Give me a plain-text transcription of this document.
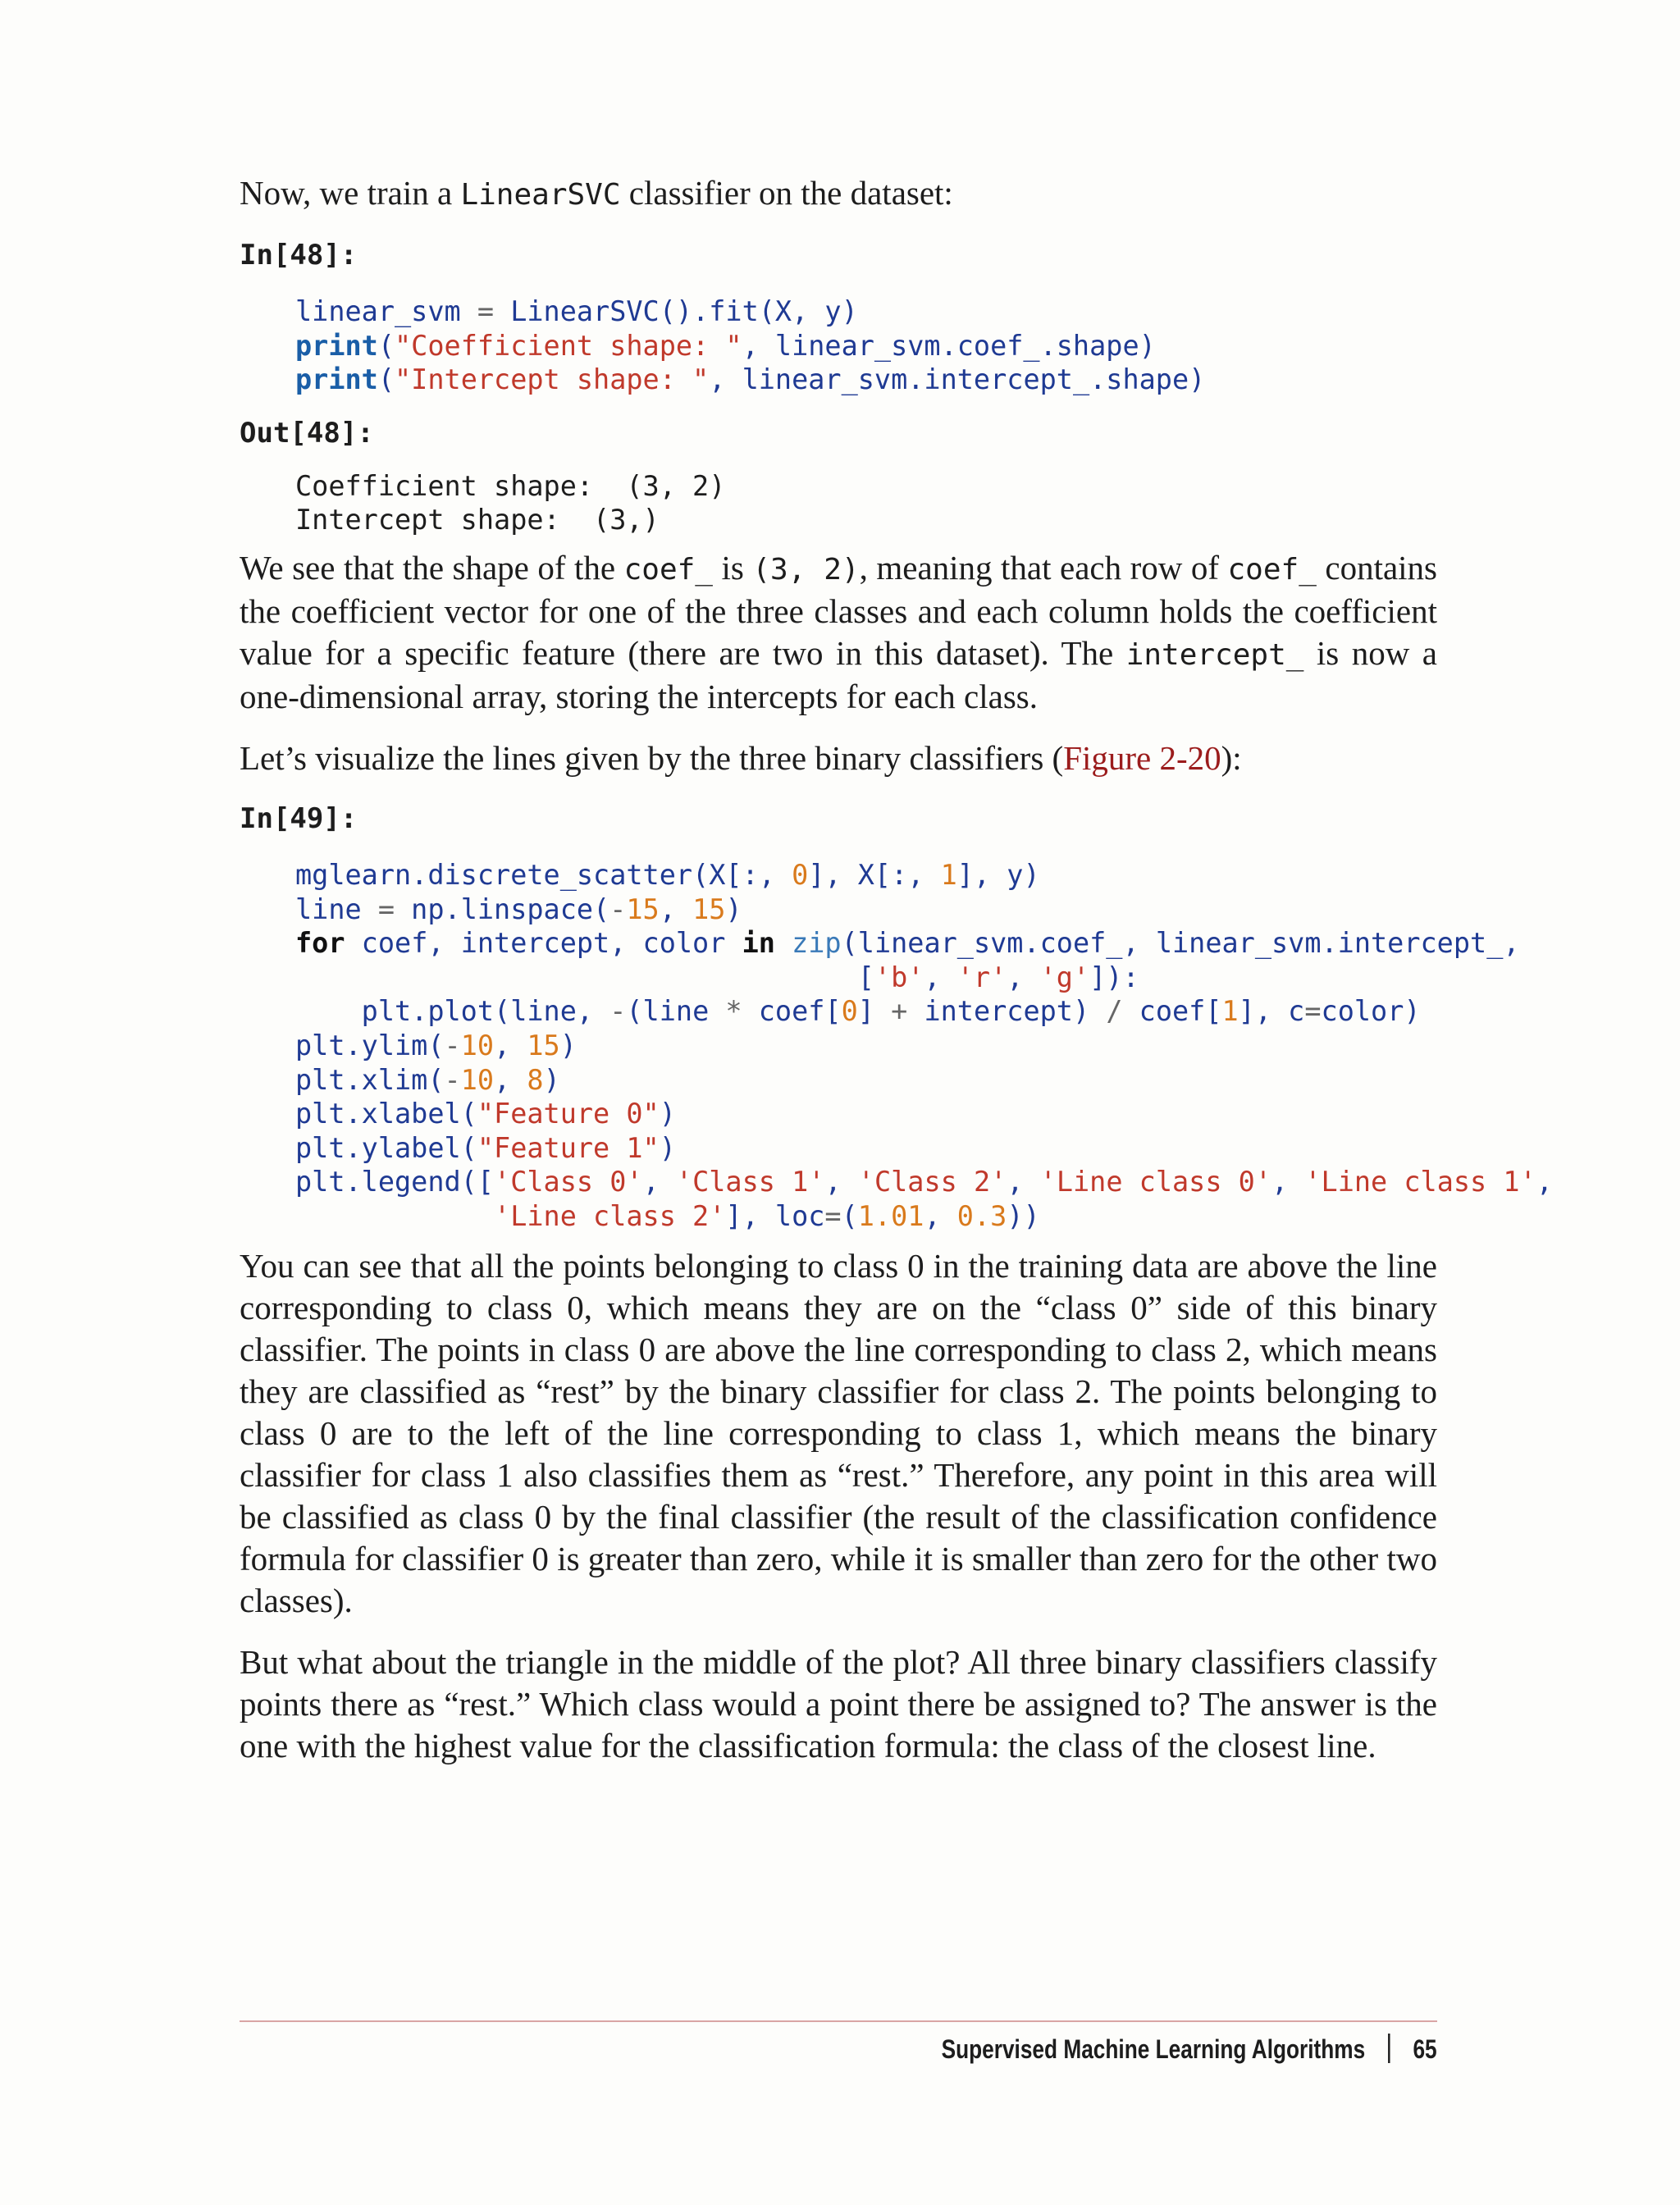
Now, we train a LinearSVC classifier on the dataset:

In[48]:

linear_svm = LinearSVC().fit(X, y)
print("Coefficient shape: ", linear_svm.coef_.shape)
print("Intercept shape: ", linear_svm.intercept_.shape)

Out[48]:

Coefficient shape:  (3, 2)
Intercept shape:  (3,)

We see that the shape of the coef_ is (3, 2), meaning that each row of coef_ contains the coefficient vector for one of the three classes and each column holds the coefficient value for a specific feature (there are two in this dataset). The intercept_ is now a one-dimensional array, storing the intercepts for each class.

Let’s visualize the lines given by the three binary classifiers (Figure 2-20):

In[49]:

mglearn.discrete_scatter(X[:, 0], X[:, 1], y)
line = np.linspace(-15, 15)
for coef, intercept, color in zip(linear_svm.coef_, linear_svm.intercept_,
['b', 'r', 'g']):
plt.plot(line, -(line * coef[0] + intercept) / coef[1], c=color)
plt.ylim(-10, 15)
plt.xlim(-10, 8)
plt.xlabel("Feature 0")
plt.ylabel("Feature 1")
plt.legend(['Class 0', 'Class 1', 'Class 2', 'Line class 0', 'Line class 1',
'Line class 2'], loc=(1.01, 0.3))

You can see that all the points belonging to class 0 in the training data are above the line corresponding to class 0, which means they are on the “class 0” side of this binary classifier. The points in class 0 are above the line corresponding to class 2, which means they are classified as “rest” by the binary classifier for class 2. The points belonging to class 0 are to the left of the line corresponding to class 1, which means the binary classifier for class 1 also classifies them as “rest.” Therefore, any point in this area will be classified as class 0 by the final classifier (the result of the classification confidence formula for classifier 0 is greater than zero, while it is smaller than zero for the other two classes).

But what about the triangle in the middle of the plot? All three binary classifiers classify points there as “rest.” Which class would a point there be assigned to? The answer is the one with the highest value for the classification formula: the class of the closest line.

Supervised Machine Learning Algorithms 65
